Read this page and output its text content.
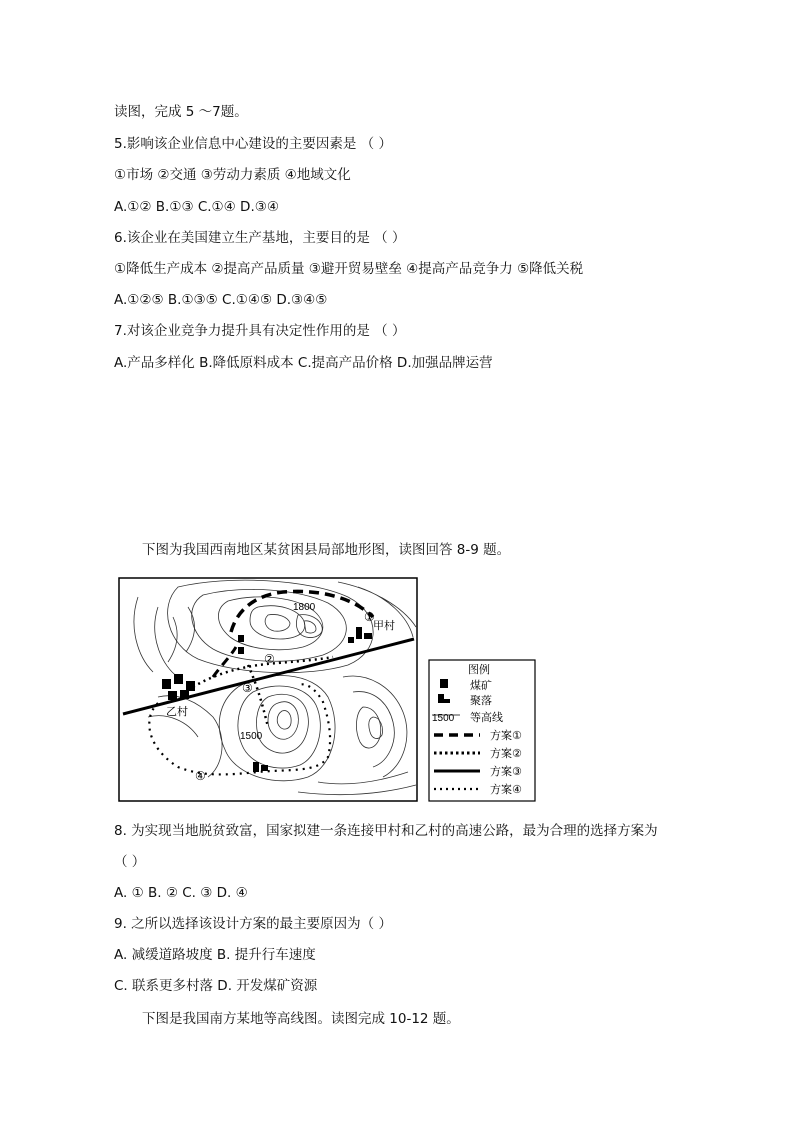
读图，完成 5 ～7题。
5.影响该企业信息中心建设的主要因素是 （ ）
①市场 ②交通 ③劳动力素质 ④地域文化
A.①② B.①③ C.①④ D.③④
6.该企业在美国建立生产基地，主要目的是 （ ）
①降低生产成本 ②提高产品质量 ③避开贸易壁垒 ④提高产品竞争力 ⑤降低关税
A.①②⑤ B.①③⑤ C.①④⑤ D.③④⑤
7.对该企业竞争力提升具有决定性作用的是 （ ）
A.产品多样化 B.降低原料成本 C.提高产品价格 D.加强品牌运营
下图为我国西南地区某贫困县局部地形图，读图回答 8-9 题。
1800
1500
甲村
乙村
①
②
③
④
图例
煤矿
聚落
1500 等高线
方案①
方案②
方案③
方案④
8. 为实现当地脱贫致富，国家拟建一条连接甲村和乙村的高速公路，最为合理的选择方案为
（ ）
A. ① B. ② C. ③ D. ④
9. 之所以选择该设计方案的最主要原因为（ ）
A. 减缓道路坡度 B. 提升行车速度
C. 联系更多村落 D. 开发煤矿资源
下图是我国南方某地等高线图。读图完成 10-12 题。
